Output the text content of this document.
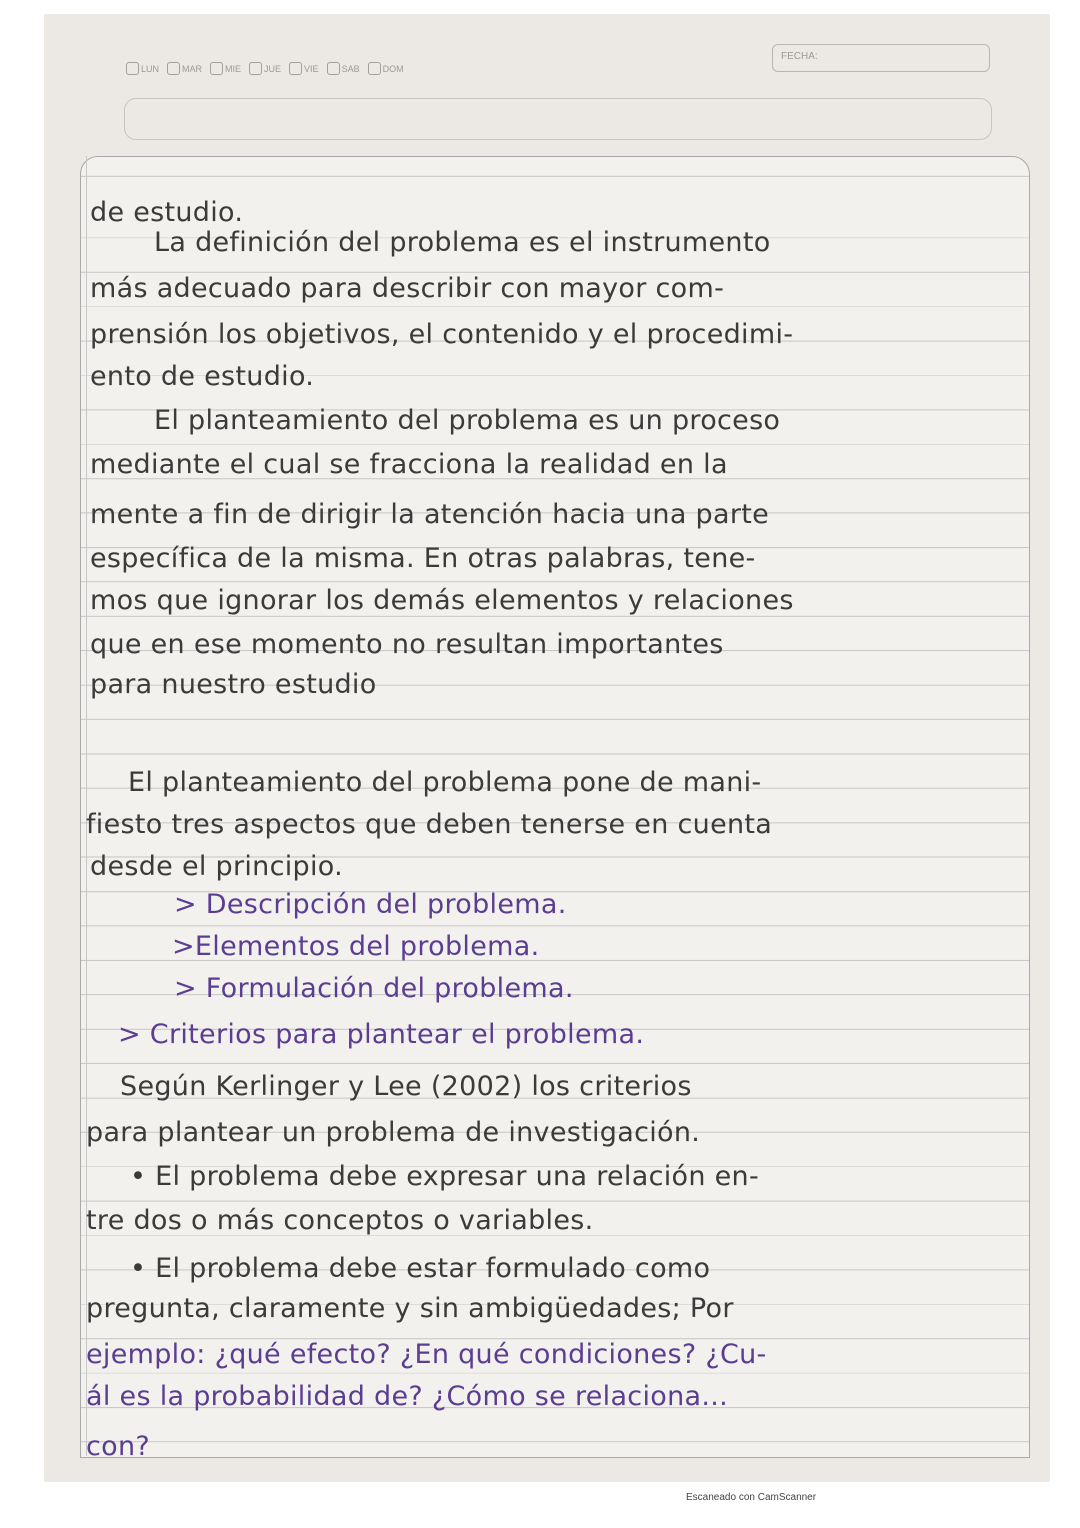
LUN	MAR	MIE	JUE	VIE	SAB	DOM
FECHA:
de estudio.
La definición del problema es el instrumento
más adecuado para describir con mayor com-
prensión los objetivos, el contenido y el procedimi-
ento de estudio.
El planteamiento del problema es un proceso
mediante el cual se fracciona la realidad en la
mente a fin de dirigir la atención hacia una parte
específica de la misma. En otras palabras, tene-
mos que ignorar los demás elementos y relaciones
que en ese momento no resultan importantes
para nuestro estudio
El planteamiento del problema pone de mani-
fiesto tres aspectos que deben tenerse en cuenta
desde el principio.
> Descripción del problema.
>Elementos del problema.
> Formulación del problema.
> Criterios para plantear el problema.
Según Kerlinger y Lee (2002) los criterios
para plantear un problema de investigación.
• El problema debe expresar una relación en-
tre dos o más conceptos o variables.
• El problema debe estar formulado como
pregunta, claramente y sin ambigüedades; Por
ejemplo: ¿qué efecto? ¿En qué condiciones? ¿Cu-
ál es la probabilidad de? ¿Cómo se relaciona...
con?
Escaneado con CamScanner
